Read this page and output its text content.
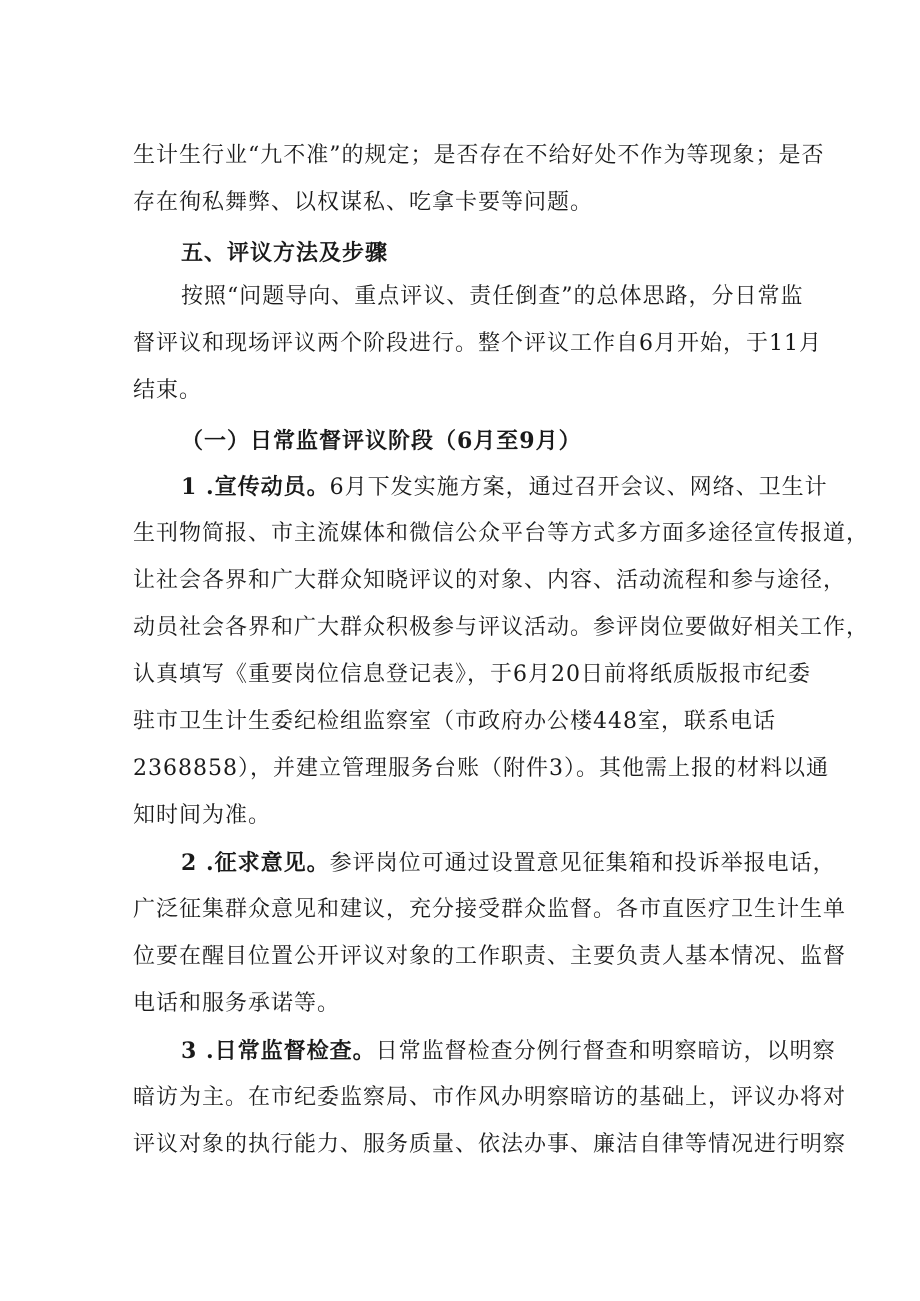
生计生行业“九不准”的规定；是否存在不给好处不作为等现象；是否
存在徇私舞弊、以权谋私、吃拿卡要等问题。
五、评议方法及步骤
按照“问题导向、重点评议、责任倒查”的总体思路，分日常监
督评议和现场评议两个阶段进行。整个评议工作自6月开始，于11月
结束。
（一）日常监督评议阶段（6月至9月）
1 .宣传动员。6月下发实施方案，通过召开会议、网络、卫生计
生刊物简报、市主流媒体和微信公众平台等方式多方面多途径宣传报道，
让社会各界和广大群众知晓评议的对象、内容、活动流程和参与途径，
动员社会各界和广大群众积极参与评议活动。参评岗位要做好相关工作，
认真填写《重要岗位信息登记表》，于6月20日前将纸质版报市纪委
驻市卫生计生委纪检组监察室（市政府办公楼448室，联系电话
2368858），并建立管理服务台账（附件3）。其他需上报的材料以通
知时间为准。
2 .征求意见。参评岗位可通过设置意见征集箱和投诉举报电话，
广泛征集群众意见和建议，充分接受群众监督。各市直医疗卫生计生单
位要在醒目位置公开评议对象的工作职责、主要负责人基本情况、监督
电话和服务承诺等。
3 .日常监督检查。日常监督检查分例行督查和明察暗访，以明察
暗访为主。在市纪委监察局、市作风办明察暗访的基础上，评议办将对
评议对象的执行能力、服务质量、依法办事、廉洁自律等情况进行明察
